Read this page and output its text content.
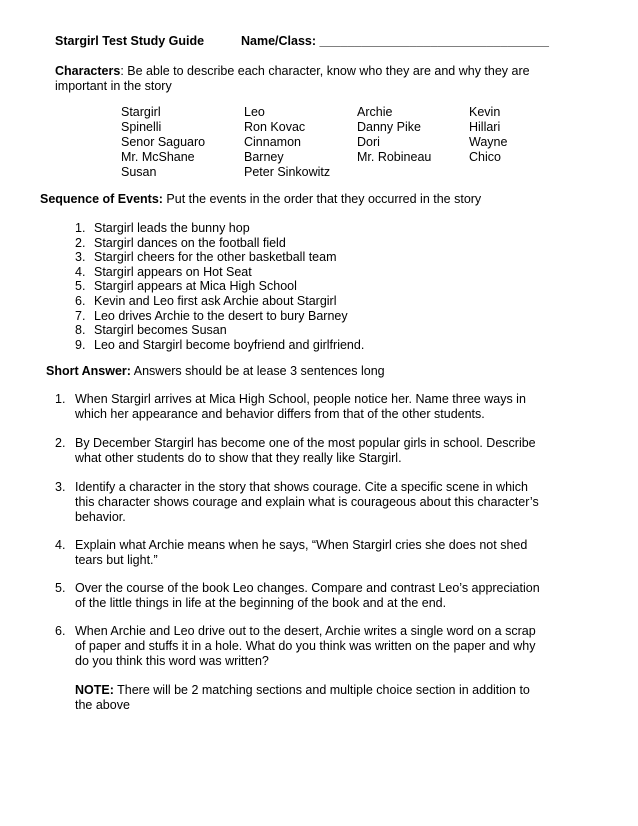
Stargirl Test Study Guide	Name/Class: _________________________________
Characters: Be able to describe each character, know who they are and why they are
important in the story
Stargirl
Spinelli
Senor Saguaro
Mr. McShane
Susan
Leo
Ron Kovac
Cinnamon
Barney
Peter Sinkowitz
Archie
Danny Pike
Dori
Mr. Robineau
Kevin
Hillari
Wayne
Chico
Sequence of Events: Put the events in the order that they occurred in the story
1. Stargirl leads the bunny hop
2. Stargirl dances on the football field
3. Stargirl cheers for the other basketball team
4. Stargirl appears on Hot Seat
5. Stargirl appears at Mica High School
6. Kevin and Leo first ask Archie about Stargirl
7. Leo drives Archie to the desert to bury Barney
8. Stargirl becomes Susan
9. Leo and Stargirl become boyfriend and girlfriend.
Short Answer: Answers should be at lease 3 sentences long
1. When Stargirl arrives at Mica High School, people notice her. Name three ways in
which her appearance and behavior differs from that of the other students.
2. By December Stargirl has become one of the most popular girls in school. Describe
what other students do to show that they really like Stargirl.
3. Identify a character in the story that shows courage. Cite a specific scene in which
this character shows courage and explain what is courageous about this character’s
behavior.
4. Explain what Archie means when he says, “When Stargirl cries she does not shed
tears but light.”
5. Over the course of the book Leo changes. Compare and contrast Leo’s appreciation
of the little things in life at the beginning of the book and at the end.
6. When Archie and Leo drive out to the desert, Archie writes a single word on a scrap
of paper and stuffs it in a hole. What do you think was written on the paper and why
do you think this word was written?
NOTE: There will be 2 matching sections and multiple choice section in addition to
the above
